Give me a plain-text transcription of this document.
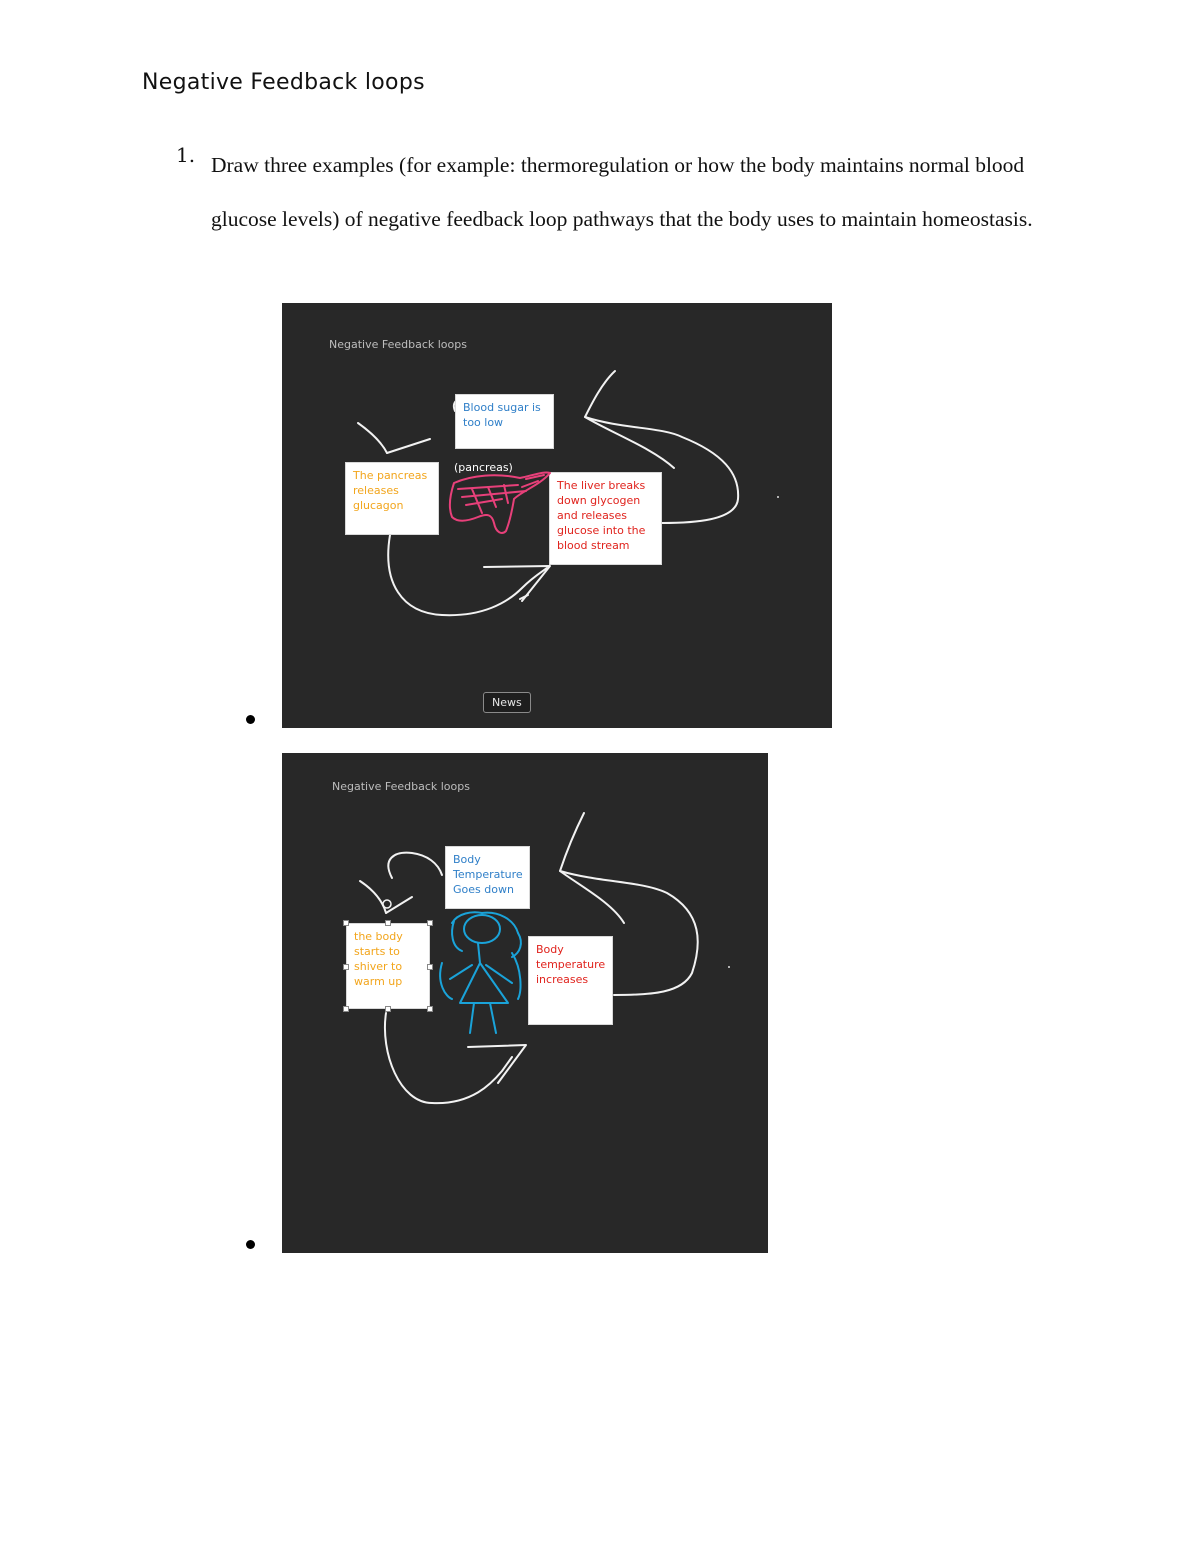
Negative Feedback loops
1. Draw three examples (for example: thermoregulation or how the body maintains normal blood glucose levels) of negative feedback loop pathways that the body uses to maintain homeostasis.

Negative Feedback loops
Blood sugar is too low
The pancreas releases glucagon
The liver breaks down glycogen and releases glucose into the blood stream
(pancreas)
News
Negative Feedback loops
Body Temperature Goes down
the body starts to shiver to warm up
Body temperature increases
